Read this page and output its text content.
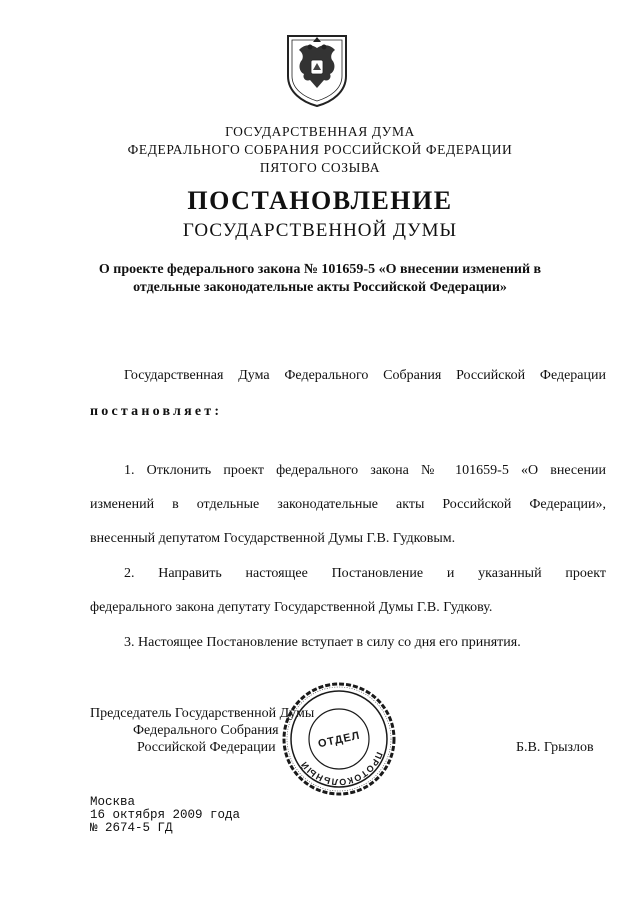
ГОСУДАРСТВЕННАЯ ДУМА
ФЕДЕРАЛЬНОГО СОБРАНИЯ РОССИЙСКОЙ ФЕДЕРАЦИИ
ПЯТОГО СОЗЫВА
ПОСТАНОВЛЕНИЕ
ГОСУДАРСТВЕННОЙ ДУМЫ
О проекте федерального закона № 101659-5 «О внесении изменений в
отдельные законодательные акты Российской Федерации»
Государственная Дума Федерального Собрания Российской Федерации
постановляет:
1. Отклонить проект федерального закона № 101659-5 «О внесении
изменений в отдельные законодательные акты Российской Федерации»,
внесенный депутатом Государственной Думы Г.В. Гудковым.
2. Направить настоящее Постановление и указанный проект
федерального закона депутату Государственной Думы Г.В. Гудкову.
3. Настоящее Постановление вступает в силу со дня его принятия.
Председатель Государственной Думы
Федерального Собрания
Российской Федерации	Б.В. Грызлов
ПРОТОКОЛЬНЫЙ
ОТДЕЛ
Москва
16 октября 2009 года
№ 2674-5 ГД
